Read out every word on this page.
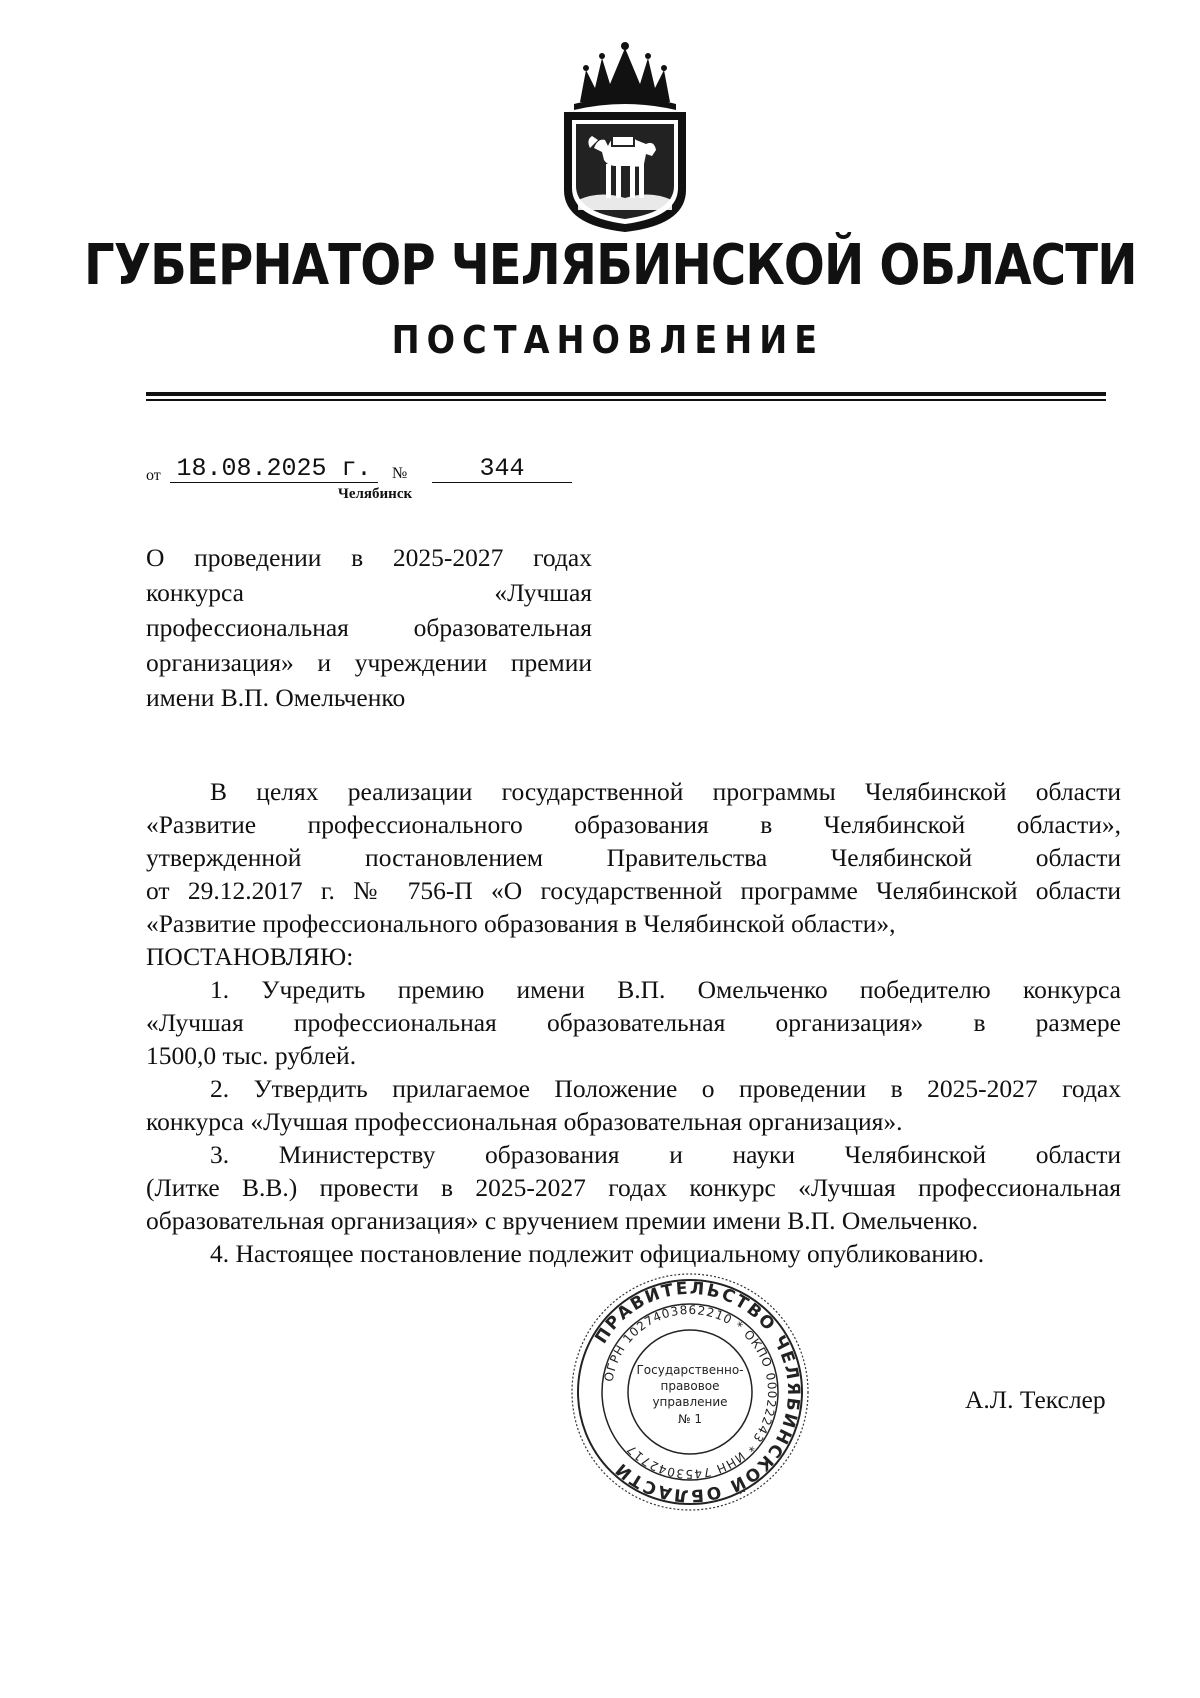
ГУБЕРНАТОР ЧЕЛЯБИНСКОЙ ОБЛАСТИ
ПОСТАНОВЛЕНИЕ
от 18.08.2025 г.	№	344
Челябинск

О проведении в 2025-2027 годах

конкурса «Лучшая

профессиональная образовательная

организация» и учреждении премии

имени В.П. Омельченко

В целях реализации государственной программы Челябинской области

«Развитие профессионального образования в Челябинской области»,

утвержденной постановлением Правительства Челябинской области

от 29.12.2017 г. № 756-П «О государственной программе Челябинской области

«Развитие профессионального образования в Челябинской области»,

ПОСТАНОВЛЯЮ:

1. Учредить премию имени В.П. Омельченко победителю конкурса

«Лучшая профессиональная образовательная организация» в размере

1500,0 тыс. рублей.

2. Утвердить прилагаемое Положение о проведении в 2025-2027 годах

конкурса «Лучшая профессиональная образовательная организация».

3. Министерству образования и науки Челябинской области

(Литке В.В.) провести в 2025-2027 годах конкурс «Лучшая профессиональная

образовательная организация» с вручением премии имени В.П. Омельченко.

4. Настоящее постановление подлежит официальному опубликованию.

ПРАВИТЕЛЬСТВО ЧЕЛЯБИНСКОЙ ОБЛАСТИ
ОГРН 1027403862210 * ОКПО 00022243 * ИНН 7453042717
Государственно-
правовое
управление
№ 1
А.Л. Текслер
